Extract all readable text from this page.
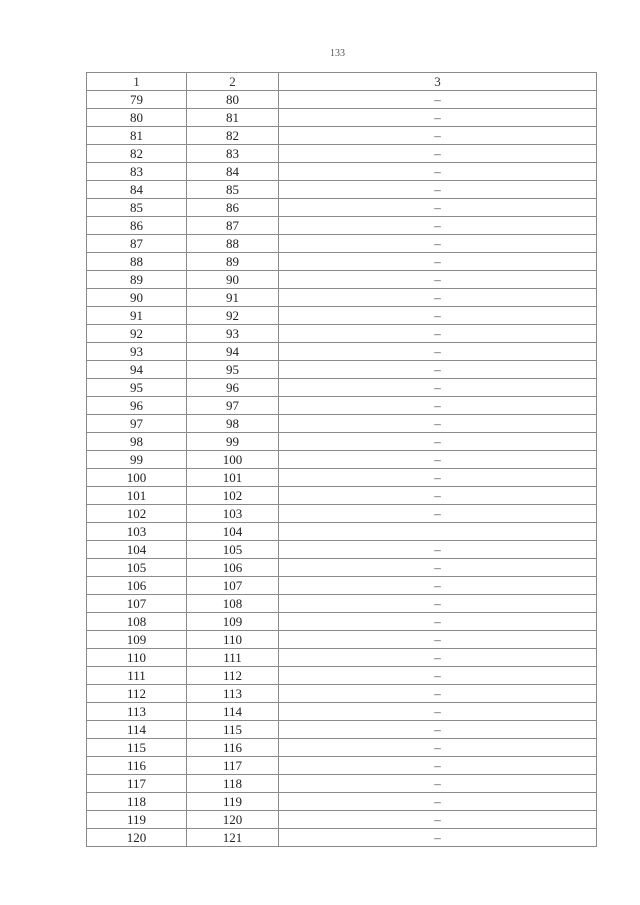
133
1	2	3
79	80	–
80	81	–
81	82	–
82	83	–
83	84	–
84	85	–
85	86	–
86	87	–
87	88	–
88	89	–
89	90	–
90	91	–
91	92	–
92	93	–
93	94	–
94	95	–
95	96	–
96	97	–
97	98	–
98	99	–
99	100	–
100	101	–
101	102	–
102	103	–
103	104	
104	105	–
105	106	–
106	107	–
107	108	–
108	109	–
109	110	–
110	111	–
111	112	–
112	113	–
113	114	–
114	115	–
115	116	–
116	117	–
117	118	–
118	119	–
119	120	–
120	121	–
